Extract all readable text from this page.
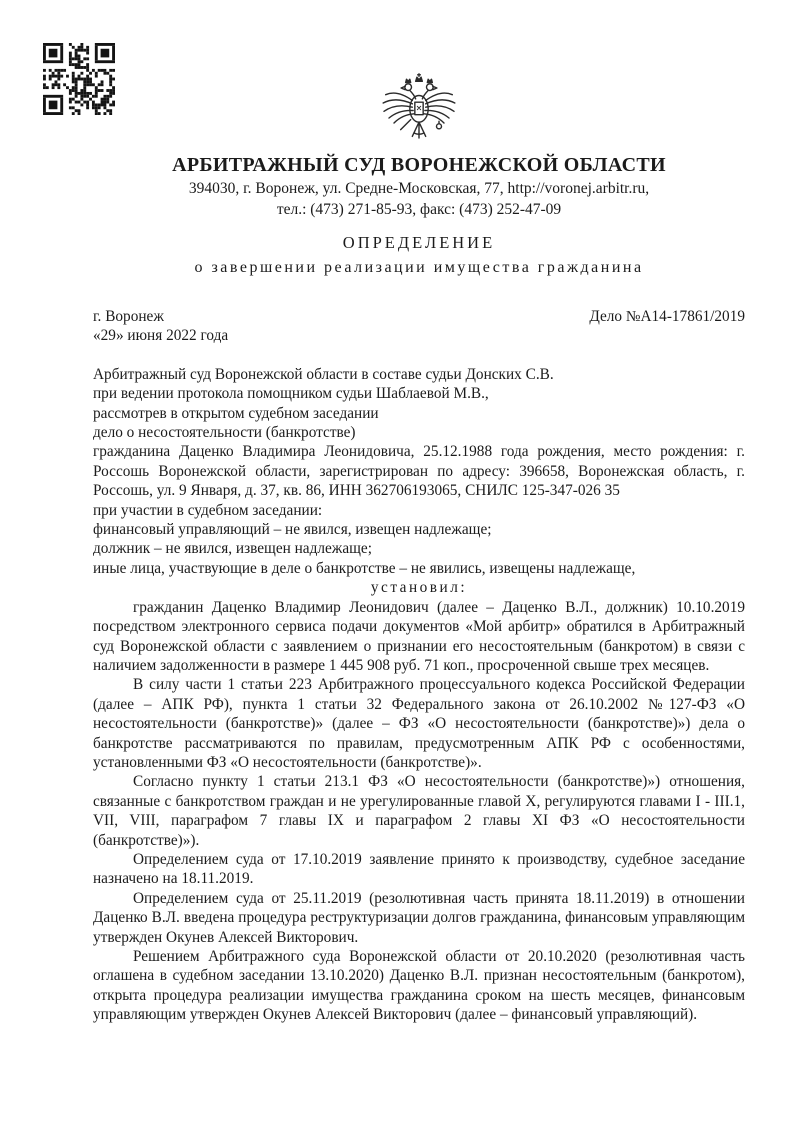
АРБИТРАЖНЫЙ СУД ВОРОНЕЖСКОЙ ОБЛАСТИ
394030, г. Воронеж, ул. Средне-Московская, 77, http://voronej.arbitr.ru,
тел.: (473) 271-85-93, факс: (473) 252-47-09
ОПРЕДЕЛЕНИЕ
о завершении реализации имущества гражданина
г. Воронеж	Дело №А14-17861/2019

«29» июня 2022 года

Арбитражный суд Воронежской области в составе судьи Донских С.В.

при ведении протокола помощником судьи Шаблаевой М.В.,

рассмотрев в открытом судебном заседании

дело о несостоятельности (банкротстве)

гражданина Даценко Владимира Леонидовича, 25.12.1988 года рождения, место рождения: г. Россошь Воронежской области, зарегистрирован по адресу: 396658, Воронежская область, г. Россошь, ул. 9 Января, д. 37, кв. 86, ИНН 362706193065, СНИЛС 125-347-026 35

при участии в судебном заседании:

финансовый управляющий – не явился, извещен надлежаще;

должник – не явился, извещен надлежаще;

иные лица, участвующие в деле о банкротстве – не явились, извещены надлежаще,

установил:

гражданин Даценко Владимир Леонидович (далее – Даценко В.Л., должник) 10.10.2019 посредством электронного сервиса подачи документов «Мой арбитр» обратился в Арбитражный суд Воронежской области с заявлением о признании его несостоятельным (банкротом) в связи с наличием задолженности в размере 1 445 908 руб. 71 коп., просроченной свыше трех месяцев.

В силу части 1 статьи 223 Арбитражного процессуального кодекса Российской Федерации (далее – АПК РФ), пункта 1 статьи 32 Федерального закона от 26.10.2002 №127-ФЗ «О несостоятельности (банкротстве)» (далее – ФЗ «О несостоятельности (банкротстве)») дела о банкротстве рассматриваются по правилам, предусмотренным АПК РФ с особенностями, установленными ФЗ «О несостоятельности (банкротстве)».

Согласно пункту 1 статьи 213.1 ФЗ «О несостоятельности (банкротстве)») отношения, связанные с банкротством граждан и не урегулированные главой X, регулируются главами I - III.1, VII, VIII, параграфом 7 главы IX и параграфом 2 главы XI ФЗ «О несостоятельности (банкротстве)»).

Определением суда от 17.10.2019 заявление принято к производству, судебное заседание назначено на 18.11.2019.

Определением суда от 25.11.2019 (резолютивная часть принята 18.11.2019) в отношении Даценко В.Л. введена процедура реструктуризации долгов гражданина, финансовым управляющим утвержден Окунев Алексей Викторович.

Решением Арбитражного суда Воронежской области от 20.10.2020 (резолютивная часть оглашена в судебном заседании 13.10.2020) Даценко В.Л. признан несостоятельным (банкротом), открыта процедура реализации имущества гражданина сроком на шесть месяцев, финансовым управляющим утвержден Окунев Алексей Викторович (далее – финансовый управляющий).
